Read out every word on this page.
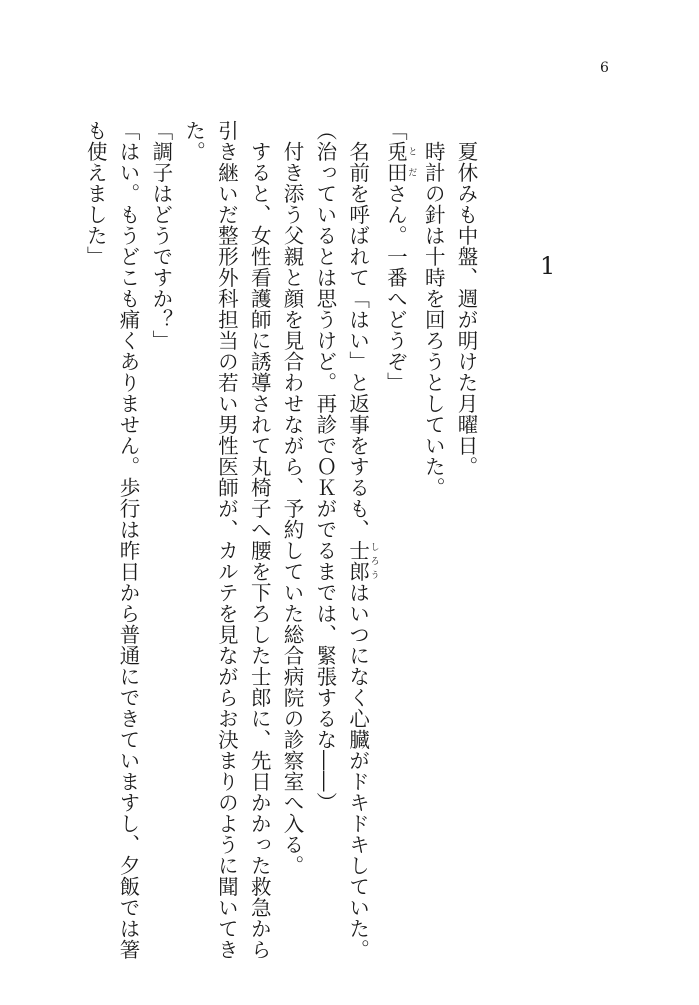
6
1

夏休みも中盤、週が明けた月曜日。

時計の針は十時を回ろうとしていた。

「兎 と田 ださん。一番へどうぞ」

名前を呼ばれて「はい」と返事をするも、士郎 しろうはいつになく心臓がドキドキしていた。

（治っているとは思うけど。再診でＯＫがでるまでは、緊張するな――）

付き添う父親と顔を見合わせながら、予約していた総合病院の診察室へ入る。

すると、女性看護師に誘導されて丸椅子へ腰を下ろした士郎に、先日かかった救急から引き継いだ整形外科担当の若い男性医師が、カルテを見ながらお決まりのように聞いてきた。

「調子はどうですか？」

「はい。もうどこも痛くありません。歩行は昨日から普通にできていますし、夕飯では箸も使えました」
